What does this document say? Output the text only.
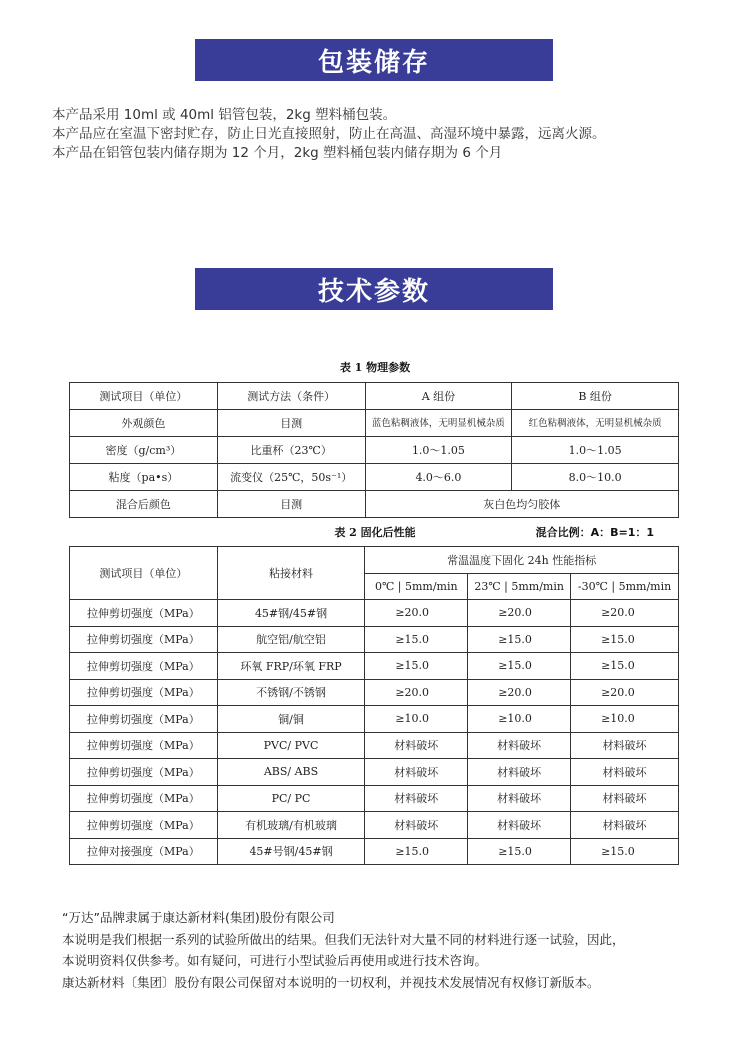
包装储存

本产品采用 10ml 或 40ml 铝管包装，2kg 塑料桶包装。

本产品应在室温下密封贮存，防止日光直接照射，防止在高温、高湿环境中暴露，远离火源。

本产品在铝管包装内储存期为 12 个月，2kg 塑料桶包装内储存期为 6 个月

技术参数
表 1 物理参数
测试项目（单位）	测试方法（条件）	A 组份	B 组份
外观颜色	目测	蓝色粘稠液体，无明显机械杂质	红色粘稠液体，无明显机械杂质
密度（g/cm³）	比重杯（23℃）	1.0～1.05	1.0～1.05
粘度（pa•s）	流变仪（25℃，50s⁻¹）	4.0～6.0	8.0～10.0
混合后颜色	目测	灰白色均匀胶体	
表 2 固化后性能	混合比例：A：B=1：1
测试项目（单位）	粘接材料	常温温度下固化 24h 性能指标		
		0℃ | 5mm/min	23℃ | 5mm/min	-30℃ | 5mm/min
拉伸剪切强度（MPa）	45#钢/45#钢	≥20.0	≥20.0	≥20.0
拉伸剪切强度（MPa）	航空铝/航空铝	≥15.0	≥15.0	≥15.0
拉伸剪切强度（MPa）	环氧 FRP/环氧 FRP	≥15.0	≥15.0	≥15.0
拉伸剪切强度（MPa）	不锈钢/不锈钢	≥20.0	≥20.0	≥20.0
拉伸剪切强度（MPa）	铜/铜	≥10.0	≥10.0	≥10.0
拉伸剪切强度（MPa）	PVC/ PVC	材料破坏	材料破坏	材料破坏
拉伸剪切强度（MPa）	ABS/ ABS	材料破坏	材料破坏	材料破坏
拉伸剪切强度（MPa）	PC/ PC	材料破坏	材料破坏	材料破坏
拉伸剪切强度（MPa）	有机玻璃/有机玻璃	材料破坏	材料破坏	材料破坏
拉伸对接强度（MPa）	45#号钢/45#钢	≥15.0	≥15.0	≥15.0

“万达”品牌隶属于康达新材料(集团)股份有限公司

本说明是我们根据一系列的试验所做出的结果。但我们无法针对大量不同的材料进行逐一试验，因此，

本说明资料仅供参考。如有疑问，可进行小型试验后再使用或进行技术咨询。

康达新材料〔集团〕股份有限公司保留对本说明的一切权利，并视技术发展情况有权修订新版本。
